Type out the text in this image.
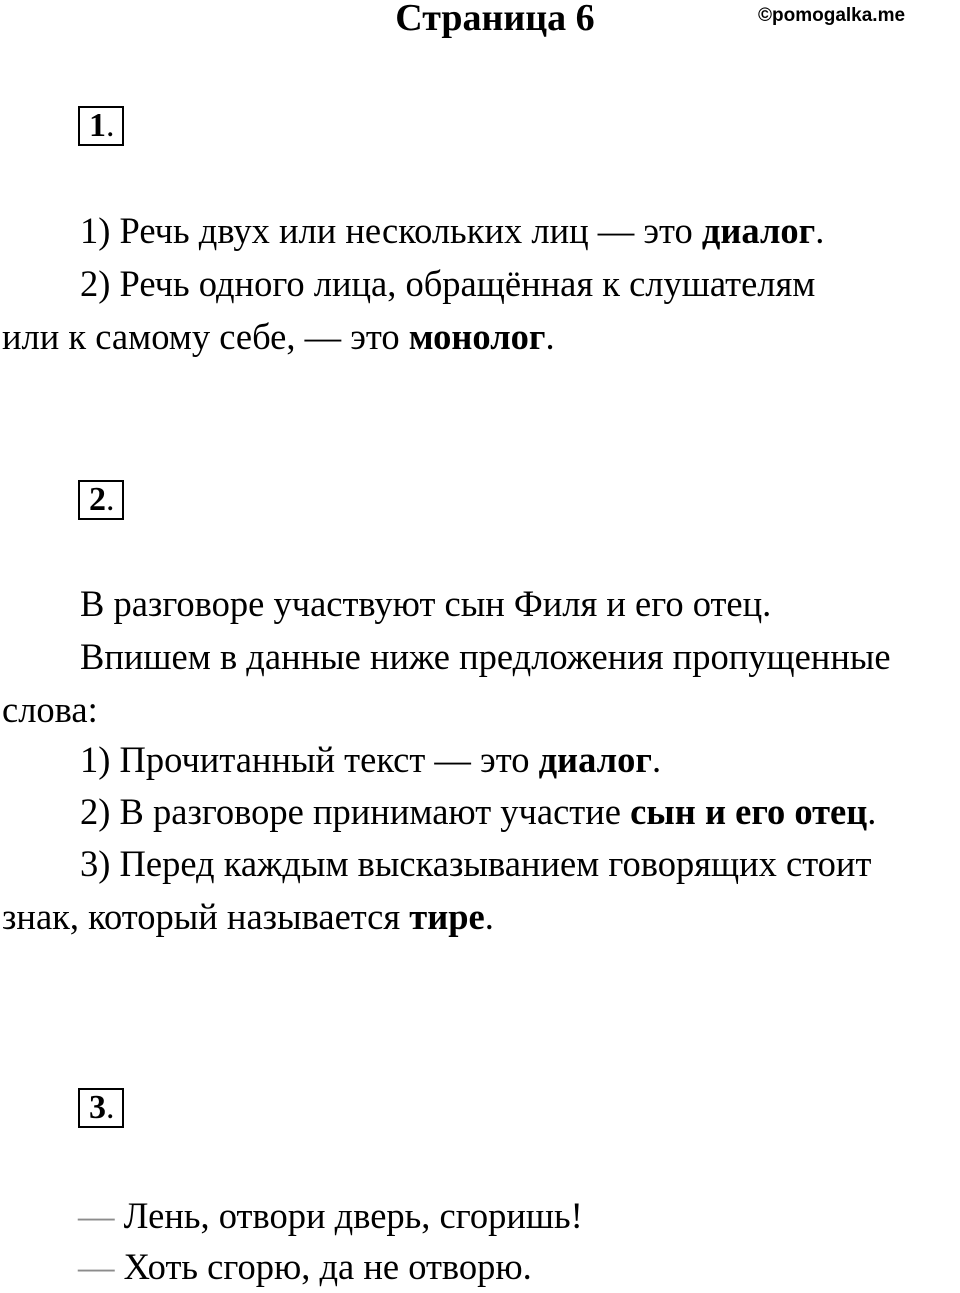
Страница 6	©pomogalka.me
1.

1) Речь двух или нескольких лиц — это диалог.

2) Речь одного лица, обращённая к слушателям
или к самому себе, — это монолог.

2.

В разговоре участвуют сын Филя и его отец.

Впишем в данные ниже предложения пропущенные
слова:

1) Прочитанный текст — это диалог.

2) В разговоре принимают участие сын и его отец.

3) Перед каждым высказыванием говорящих стоит
знак, который называется тире.

3.
— Лень, отвори дверь, сгоришь!
— Хоть сгорю, да не отворю.
